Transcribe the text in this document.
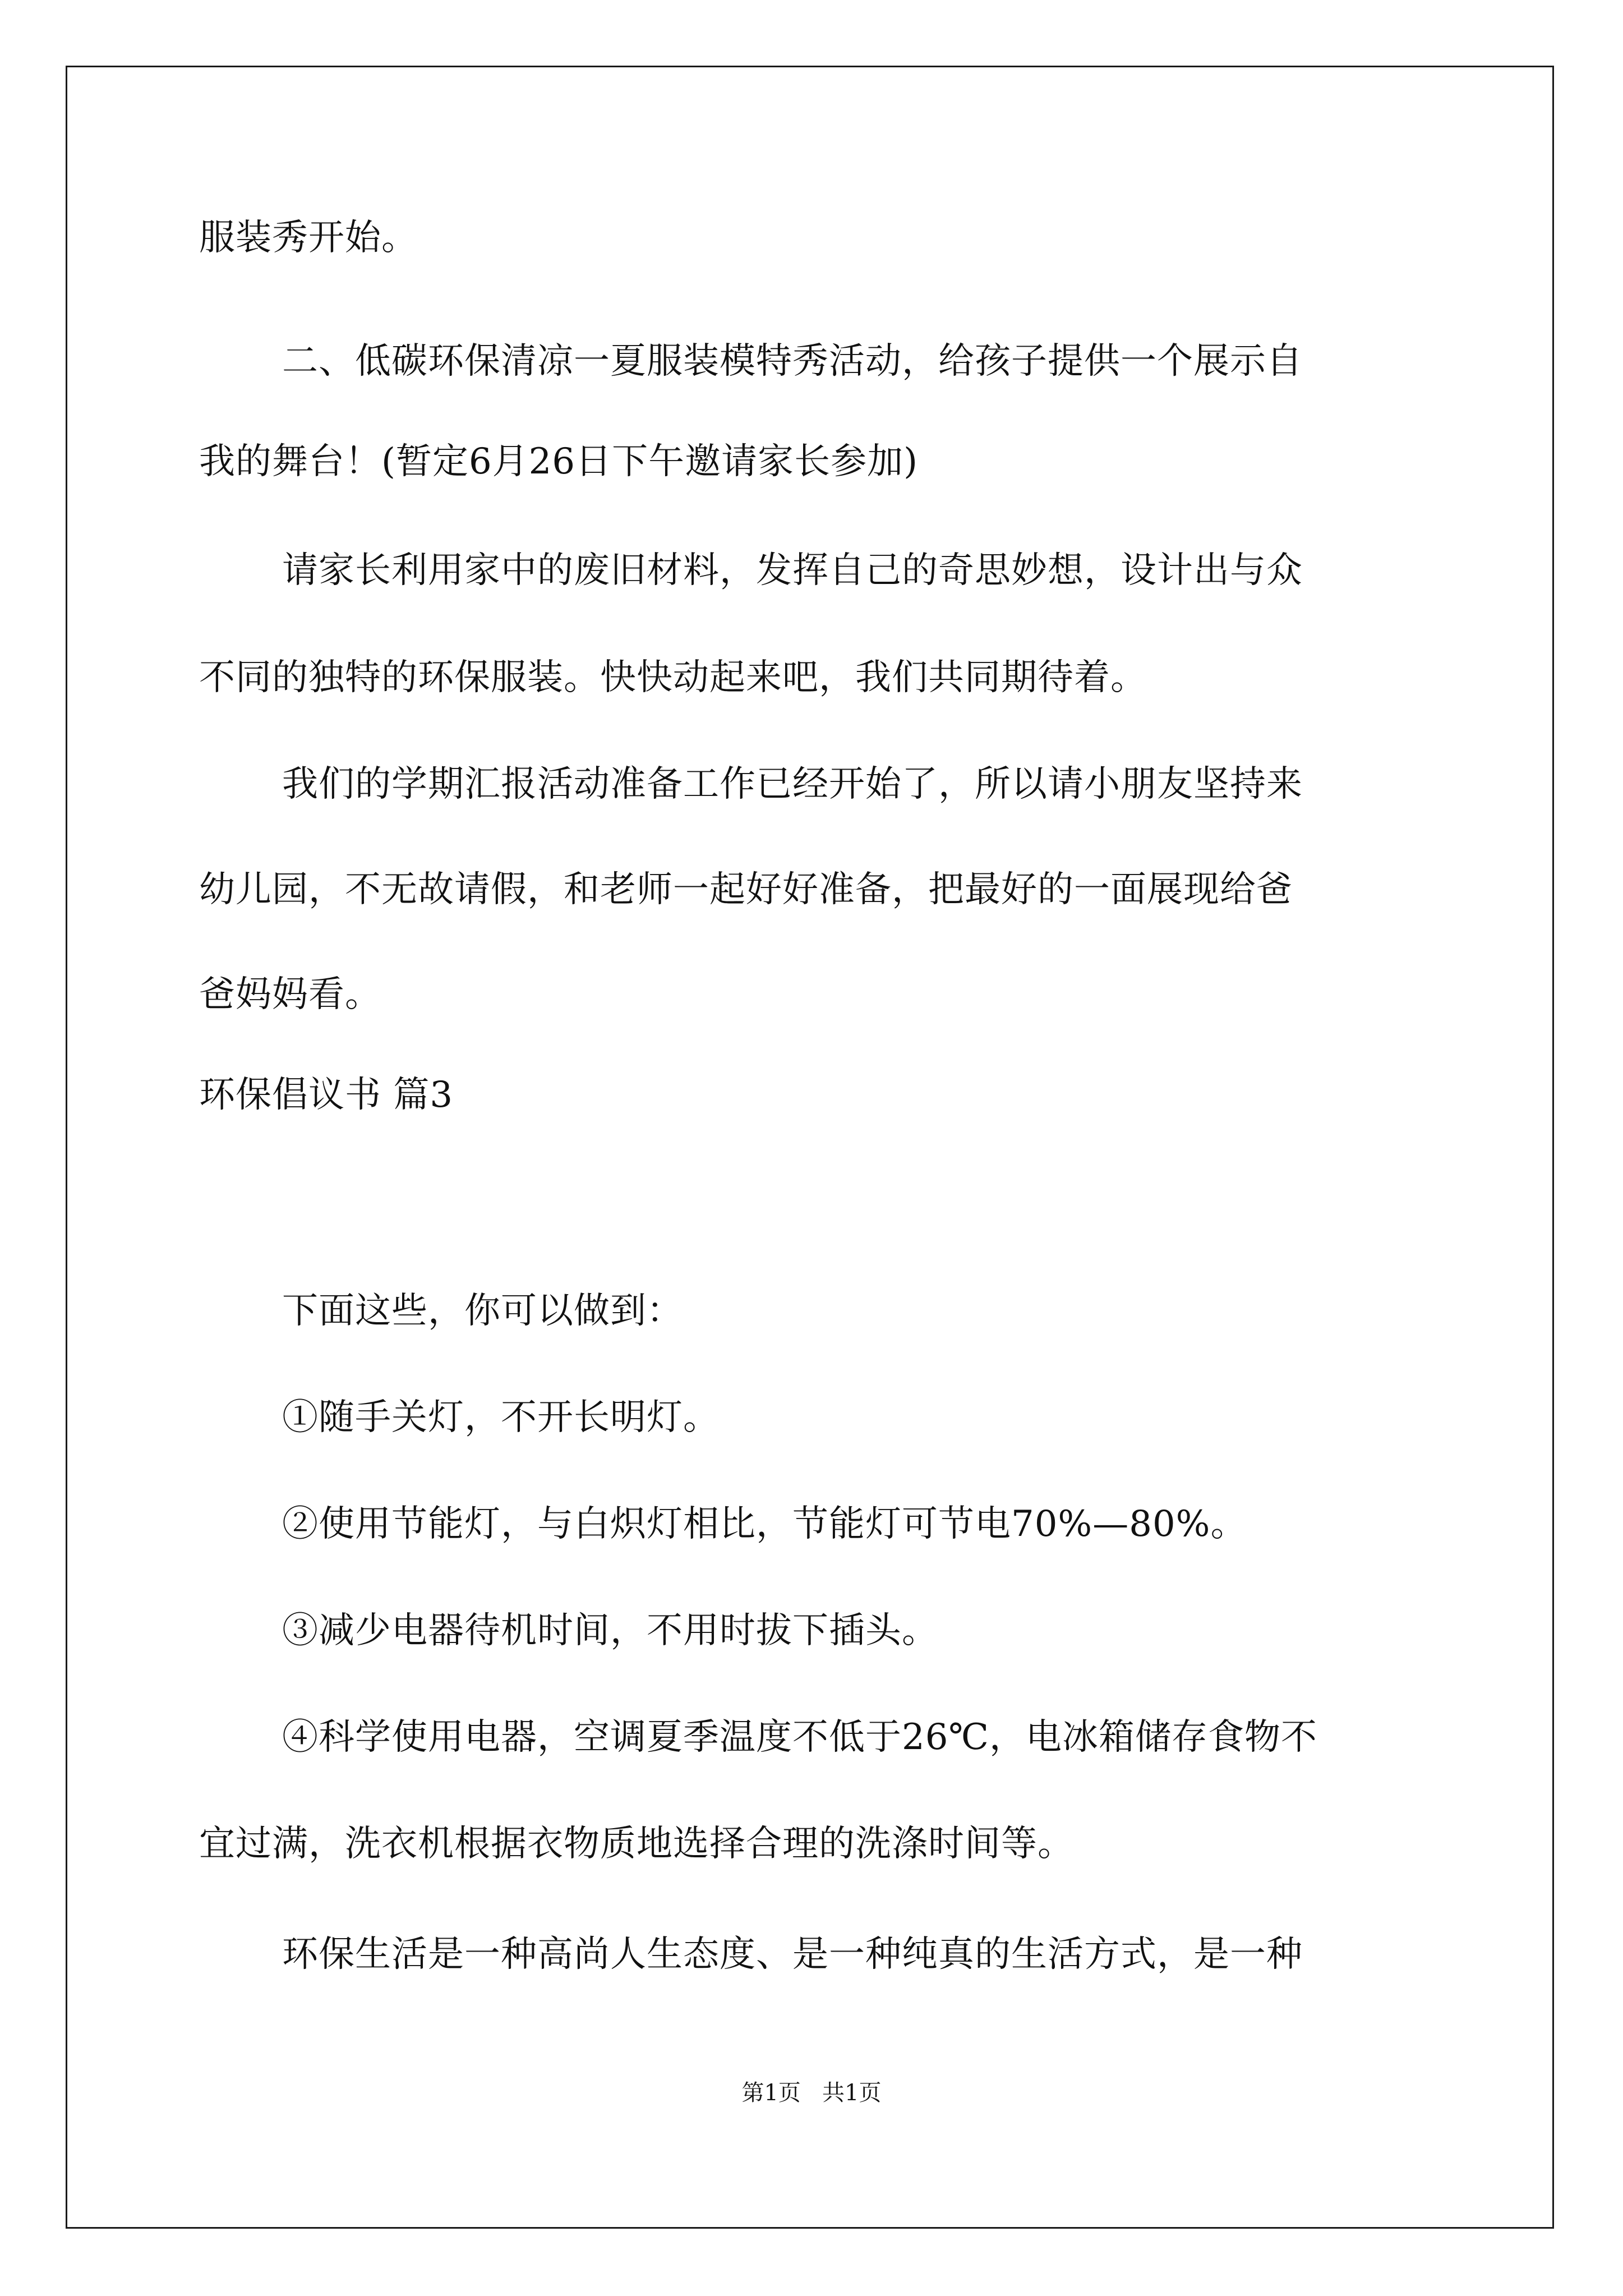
服装秀开始。
二、低碳环保清凉一夏服装模特秀活动，给孩子提供一个展示自
我的舞台！(暂定6月26日下午邀请家长参加)
请家长利用家中的废旧材料，发挥自己的奇思妙想，设计出与众
不同的独特的环保服装。快快动起来吧，我们共同期待着。
我们的学期汇报活动准备工作已经开始了，所以请小朋友坚持来
幼儿园，不无故请假，和老师一起好好准备，把最好的一面展现给爸
爸妈妈看。
环保倡议书 篇3
下面这些，你可以做到：
①随手关灯，不开长明灯。
②使用节能灯，与白炽灯相比，节能灯可节电70%—80%。
③减少电器待机时间，不用时拔下插头。
④科学使用电器，空调夏季温度不低于26℃，电冰箱储存食物不
宜过满，洗衣机根据衣物质地选择合理的洗涤时间等。
环保生活是一种高尚人生态度、是一种纯真的生活方式，是一种
第1页   共1页
